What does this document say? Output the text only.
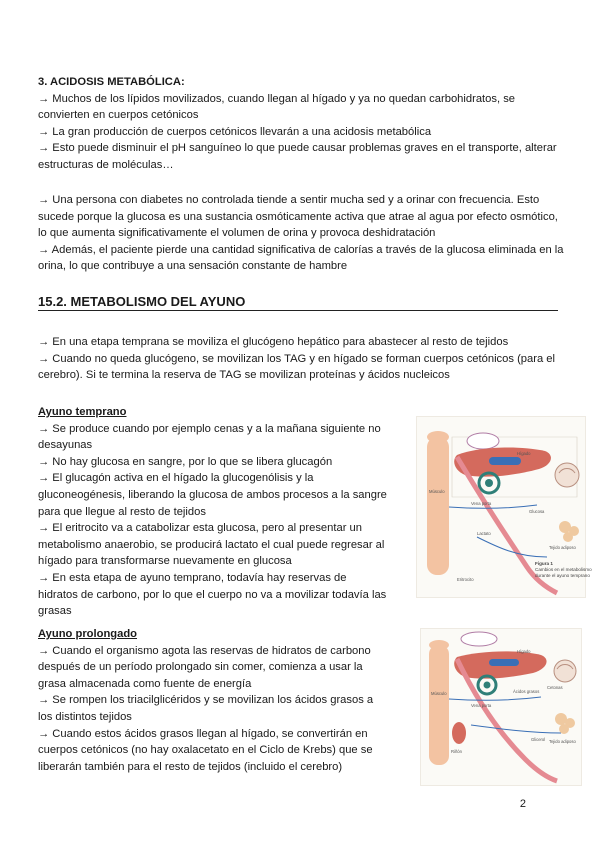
3. ACIDOSIS METABÓLICA:

→ Muchos de los lípidos movilizados, cuando llegan al hígado y ya no quedan carbohidratos, se convierten en cuerpos cetónicos

→ La gran producción de cuerpos cetónicos llevarán a una acidosis metabólica

→ Esto puede disminuir el pH sanguíneo lo que puede causar problemas graves en el transporte, alterar estructuras de moléculas…

→ Una persona con diabetes no controlada tiende a sentir mucha sed y a orinar con frecuencia. Esto sucede porque la glucosa es una sustancia osmóticamente activa que atrae al agua por efecto osmótico, lo que aumenta significativamente el volumen de orina y provoca deshidratación

→ Además, el paciente pierde una cantidad significativa de calorías a través de la glucosa eliminada en la orina, lo que contribuye a una sensación constante de hambre

15.2. METABOLISMO DEL AYUNO

→ En una etapa temprana se moviliza el glucógeno hepático para abastecer al resto de tejidos

→ Cuando no queda glucógeno, se movilizan los TAG y en hígado se forman cuerpos cetónicos (para el cerebro). Si te termina la reserva de TAG se movilizan proteínas y ácidos nucleicos

Ayuno temprano

→ Se produce cuando por ejemplo cenas y a la mañana siguiente no desayunas

→ No hay glucosa en sangre, por lo que se libera glucagón

→ El glucagón activa en el hígado la glucogenólisis y la gluconeogénesis, liberando la glucosa de ambos procesos a la sangre para que llegue al resto de tejidos

→ El eritrocito va a catabolizar esta glucosa, pero al presentar un metabolismo anaerobio, se producirá lactato el cual puede regresar al hígado para transformarse nuevamente en glucosa

→ En esta etapa de ayuno temprano, todavía hay reservas de hidratos de carbono, por lo que el cuerpo no va a movilizar todavía las grasas

Ayuno prolongado

→ Cuando el organismo agota las reservas de hidratos de carbono después de un período prolongado sin comer, comienza a usar la grasa almacenada como fuente de energía

→ Se rompen los triacilglicéridos y se movilizan los ácidos grasos a los distintos tejidos

→ Cuando estos ácidos grasos llegan al hígado, se convertirán en cuerpos cetónicos (no hay oxalacetato en el Ciclo de Krebs) que se liberarán también para el resto de tejidos (incluido el cerebro)

Músculo
Vena porta
Lactato
Eritrocito
Tejido adiposo
Hígado
Glucosa
Figura 1
Cambios en el metabolismo
durante el ayuno temprano
Músculo
Riñón
Hígado
Vena porta
Ácidos grasos
Glicerol
Cetonas
Tejido adiposo
2
